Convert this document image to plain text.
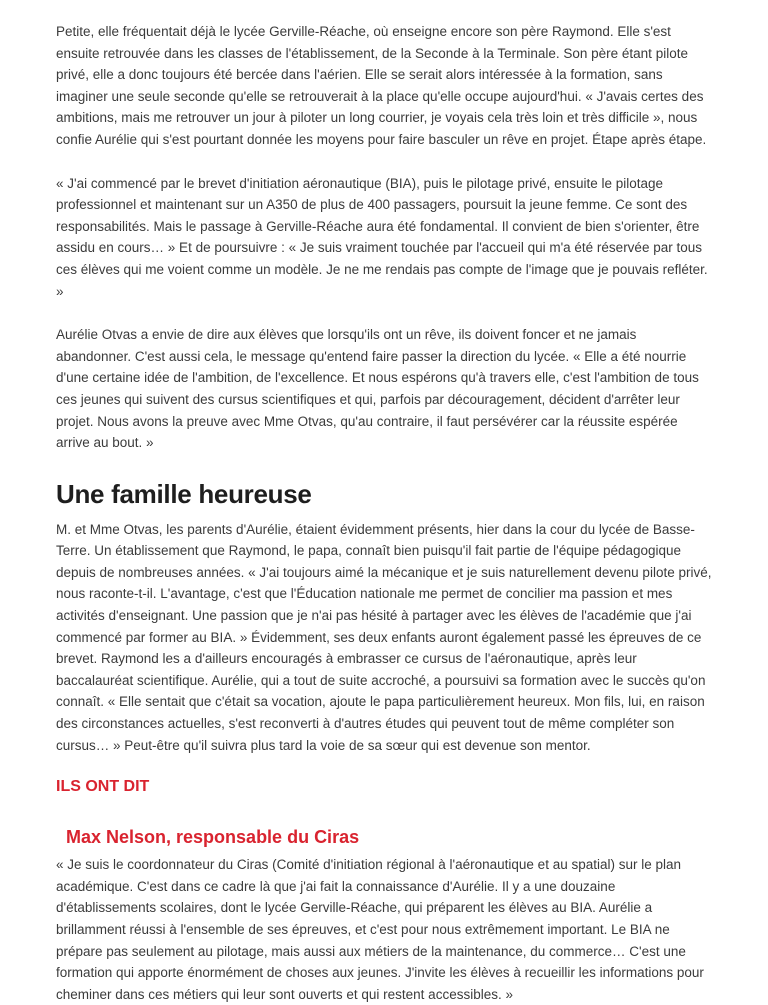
Petite, elle fréquentait déjà le lycée Gerville-Réache, où enseigne encore son père Raymond. Elle s'est ensuite retrouvée dans les classes de l'établissement, de la Seconde à la Terminale. Son père étant pilote privé, elle a donc toujours été bercée dans l'aérien. Elle se serait alors intéressée à la formation, sans imaginer une seule seconde qu'elle se retrouverait à la place qu'elle occupe aujourd'hui. « J'avais certes des ambitions, mais me retrouver un jour à piloter un long courrier, je voyais cela très loin et très difficile », nous confie Aurélie qui s'est pourtant donnée les moyens pour faire basculer un rêve en projet. Étape après étape.

« J'ai commencé par le brevet d'initiation aéronautique (BIA), puis le pilotage privé, ensuite le pilotage professionnel et maintenant sur un A350 de plus de 400 passagers, poursuit la jeune femme. Ce sont des responsabilités. Mais le passage à Gerville-Réache aura été fondamental. Il convient de bien s'orienter, être assidu en cours… » Et de poursuivre : « Je suis vraiment touchée par l'accueil qui m'a été réservée par tous ces élèves qui me voient comme un modèle. Je ne me rendais pas compte de l'image que je pouvais refléter. »

Aurélie Otvas a envie de dire aux élèves que lorsqu'ils ont un rêve, ils doivent foncer et ne jamais abandonner. C'est aussi cela, le message qu'entend faire passer la direction du lycée. « Elle a été nourrie d'une certaine idée de l'ambition, de l'excellence. Et nous espérons qu'à travers elle, c'est l'ambition de tous ces jeunes qui suivent des cursus scientifiques et qui, parfois par découragement, décident d'arrêter leur projet. Nous avons la preuve avec Mme Otvas, qu'au contraire, il faut persévérer car la réussite espérée arrive au bout. »

Une famille heureuse

M. et Mme Otvas, les parents d'Aurélie, étaient évidemment présents, hier dans la cour du lycée de Basse-Terre. Un établissement que Raymond, le papa, connaît bien puisqu'il fait partie de l'équipe pédagogique depuis de nombreuses années. « J'ai toujours aimé la mécanique et je suis naturellement devenu pilote privé, nous raconte-t-il. L'avantage, c'est que l'Éducation nationale me permet de concilier ma passion et mes activités d'enseignant. Une passion que je n'ai pas hésité à partager avec les élèves de l'académie que j'ai commencé par former au BIA. » Évidemment, ses deux enfants auront également passé les épreuves de ce brevet. Raymond les a d'ailleurs encouragés à embrasser ce cursus de l'aéronautique, après leur baccalauréat scientifique. Aurélie, qui a tout de suite accroché, a poursuivi sa formation avec le succès qu'on connaît. « Elle sentait que c'était sa vocation, ajoute le papa particulièrement heureux. Mon fils, lui, en raison des circonstances actuelles, s'est reconverti à d'autres études qui peuvent tout de même compléter son cursus… » Peut-être qu'il suivra plus tard la voie de sa sœur qui est devenue son mentor.

ILS ONT DIT
Max Nelson, responsable du Ciras

« Je suis le coordonnateur du Ciras (Comité d'initiation régional à l'aéronautique et au spatial) sur le plan académique. C'est dans ce cadre là que j'ai fait la connaissance d'Aurélie. Il y a une douzaine d'établissements scolaires, dont le lycée Gerville-Réache, qui préparent les élèves au BIA. Aurélie a brillamment réussi à l'ensemble de ses épreuves, et c'est pour nous extrêmement important. Le BIA ne prépare pas seulement au pilotage, mais aussi aux métiers de la maintenance, du commerce… C'est une formation qui apporte énormément de choses aux jeunes. J'invite les élèves à recueillir les informations pour cheminer dans ces métiers qui leur sont ouverts et qui restent accessibles. »
